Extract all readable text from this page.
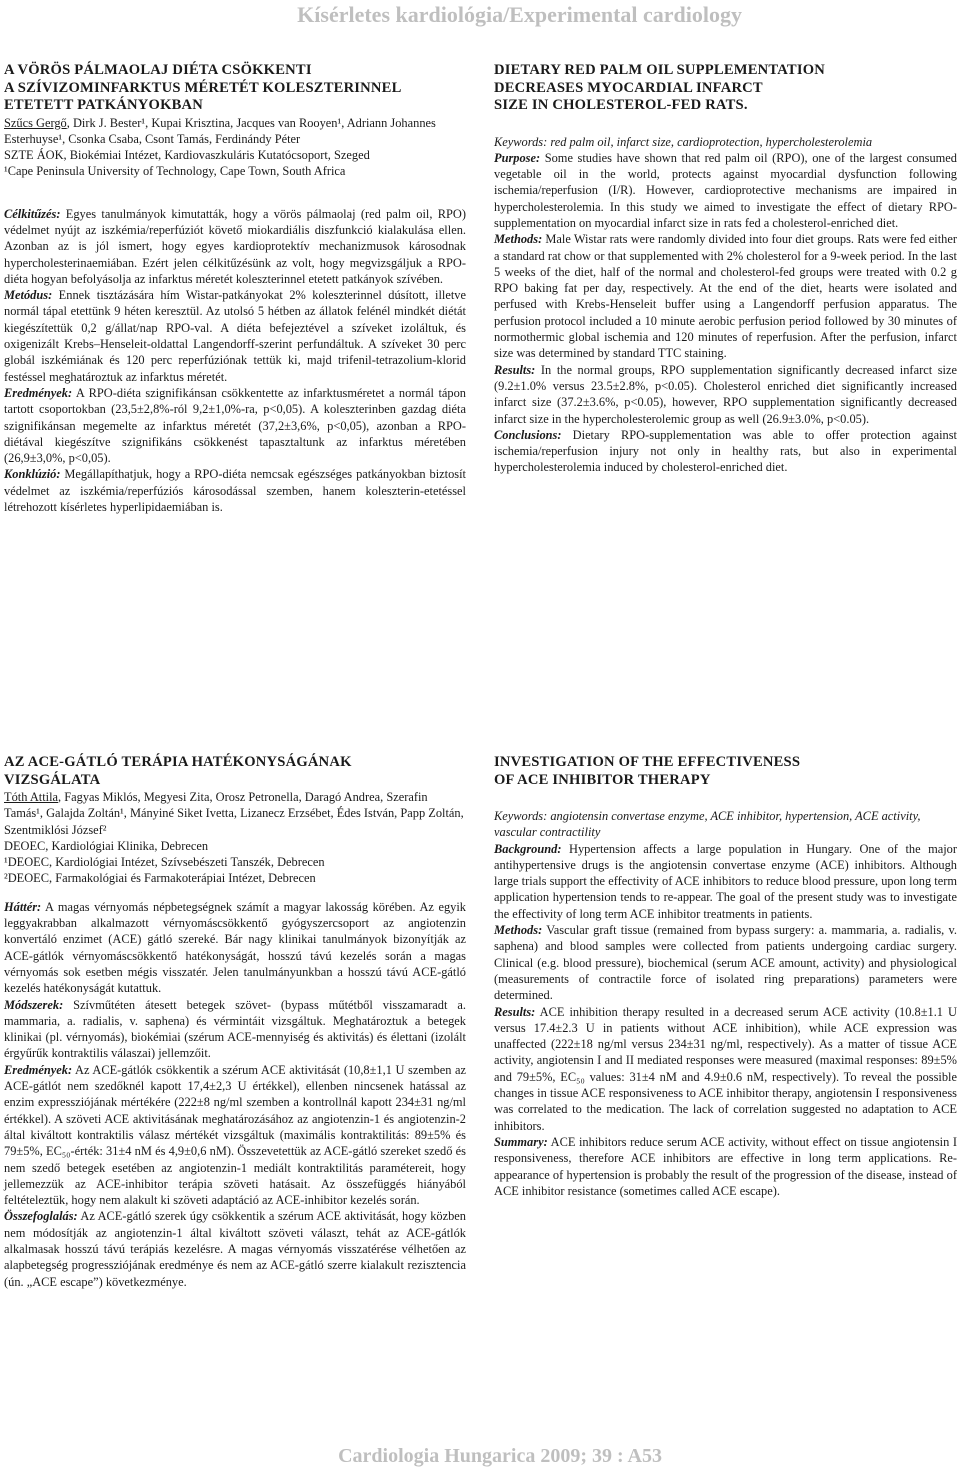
Kísérletes kardiológia/Experimental cardiology
A VÖRÖS PÁLMAOLAJ DIÉTA CSÖKKENTI
A SZÍVIZOMINFARKTUS MÉRETÉT KOLESZTERINNEL
ETETETT PATKÁNYOKBAN

Szűcs Gergő, Dirk J. Bester¹, Kupai Krisztina, Jacques van Rooyen¹, Adriann Johannes Esterhuyse¹, Csonka Csaba, Csont Tamás, Ferdinándy Péter

SZTE ÁOK, Biokémiai Intézet, Kardiovaszkuláris Kutatócsoport, Szeged
¹Cape Peninsula University of Technology, Cape Town, South Africa

Célkitűzés: Egyes tanulmányok kimutatták, hogy a vörös pálmaolaj (red palm oil, RPO) védelmet nyújt az iszkémia/reperfúziót követő miokardiális diszfunkció kialakulása ellen. Azonban az is jól ismert, hogy egyes kardioprotektív mechanizmusok károsodnak hypercholesterinaemiában. Ezért jelen célkitűzésünk az volt, hogy megvizsgáljuk a RPO-diéta hogyan befolyásolja az infarktus méretét koleszterinnel etetett patkányok szívében.

Metódus: Ennek tisztázására hím Wistar-patkányokat 2% koleszterinnel dúsított, illetve normál tápal etettünk 9 héten keresztül. Az utolsó 5 hétben az állatok felénél mindkét diétát kiegészítettük 0,2 g/állat/nap RPO-val. A diéta befejeztével a szíveket izoláltuk, és oxigenizált Krebs–Henseleit-oldattal Langendorff-szerint perfundáltuk. A szíveket 30 perc globál iszkémiának és 120 perc reperfúziónak tettük ki, majd trifenil-tetrazolium-klorid festéssel meghatároztuk az infarktus méretét.

Eredmények: A RPO-diéta szignifikánsan csökkentette az infarktusméretet a normál tápon tartott csoportokban (23,5±2,8%-ról 9,2±1,0%-ra, p<0,05). A koleszterinben gazdag diéta szignifikánsan megemelte az infarktus méretét (37,2±3,6%, p<0,05), azonban a RPO-diétával kiegészítve szignifikáns csökkenést tapasztaltunk az infarktus méretében (26,9±3,0%, p<0,05).

Konklúzió: Megállapíthatjuk, hogy a RPO-diéta nemcsak egészséges patkányokban biztosít védelmet az iszkémia/reperfúziós károsodással szemben, hanem koleszterin-etetéssel létrehozott kísérletes hyperlipidaemiában is.

DIETARY RED PALM OIL SUPPLEMENTATION
DECREASES MYOCARDIAL INFARCT
SIZE IN CHOLESTEROL-FED RATS.

Keywords: red palm oil, infarct size, cardioprotection, hypercholesterolemia

Purpose: Some studies have shown that red palm oil (RPO), one of the largest consumed vegetable oil in the world, protects against myocardial dysfunction following ischemia/reperfusion (I/R). However, cardioprotective mechanisms are impaired in hypercholesterolemia. In this study we aimed to investigate the effect of dietary RPO-supplementation on myocardial infarct size in rats fed a cholesterol-enriched diet.

Methods: Male Wistar rats were randomly divided into four diet groups. Rats were fed either a standard rat chow or that supplemented with 2% cholesterol for a 9-week period. In the last 5 weeks of the diet, half of the normal and cholesterol-fed groups were treated with 0.2 g RPO baking fat per day, respectively. At the end of the diet, hearts were isolated and perfused with Krebs-Henseleit buffer using a Langendorff perfusion apparatus. The perfusion protocol included a 10 minute aerobic perfusion period followed by 30 minutes of normothermic global ischemia and 120 minutes of reperfusion. After the perfusion, infarct size was determined by standard TTC staining.

Results: In the normal groups, RPO supplementation significantly decreased infarct size (9.2±1.0% versus 23.5±2.8%, p<0.05). Cholesterol enriched diet significantly increased infarct size (37.2±3.6%, p<0.05), however, RPO supplementation significantly decreased infarct size in the hypercholesterolemic group as well (26.9±3.0%, p<0.05).

Conclusions: Dietary RPO-supplementation was able to offer protection against ischemia/reperfusion injury not only in healthy rats, but also in experimental hypercholesterolemia induced by cholesterol-enriched diet.

AZ ACE-GÁTLÓ TERÁPIA HATÉKONYSÁGÁNAK
VIZSGÁLATA

Tóth Attila, Fagyas Miklós, Megyesi Zita, Orosz Petronella, Daragó Andrea, Szerafin Tamás¹, Galajda Zoltán¹, Mányiné Siket Ivetta, Lizanecz Erzsébet, Édes István, Papp Zoltán, Szentmiklósi József²

DEOEC, Kardiológiai Klinika, Debrecen
¹DEOEC, Kardiológiai Intézet, Szívsebészeti Tanszék, Debrecen
²DEOEC, Farmakológiai és Farmakoterápiai Intézet, Debrecen

Háttér: A magas vérnyomás népbetegségnek számít a magyar lakosság körében. Az egyik leggyakrabban alkalmazott vérnyomáscsökkentő gyógyszercsoport az angiotenzin konvertáló enzimet (ACE) gátló szereké. Bár nagy klinikai tanulmányok bizonyítják az ACE-gátlók vérnyomáscsökkentő hatékonyságát, hosszú távú kezelés során a magas vérnyomás sok esetben mégis visszatér. Jelen tanulmányunkban a hosszú távú ACE-gátló kezelés hatékonyságát kutattuk.

Módszerek: Szívműtéten átesett betegek szövet- (bypass műtétből visszamaradt a. mammaria, a. radialis, v. saphena) és vérmintáit vizsgáltuk. Meghatároztuk a betegek klinikai (pl. vérnyomás), biokémiai (szérum ACE-mennyiség és aktivitás) és élettani (izolált érgyűrűk kontraktilis válaszai) jellemzőit.

Eredmények: Az ACE-gátlók csökkentik a szérum ACE aktivitását (10,8±1,1 U szemben az ACE-gátlót nem szedőknél kapott 17,4±2,3 U értékkel), ellenben nincsenek hatással az enzim expressziójának mértékére (222±8 ng/ml szemben a kontrollnál kapott 234±31 ng/ml értékkel). A szöveti ACE aktivitásának meghatározásához az angiotenzin-1 és angiotenzin-2 által kiváltott kontraktilis válasz mértékét vizsgáltuk (maximális kontraktilitás: 89±5% és 79±5%, EC₅₀-érték: 31±4 nM és 4,9±0,6 nM). Összevetettük az ACE-gátló szereket szedő és nem szedő betegek esetében az angiotenzin-1 mediált kontraktilitás paramétereit, hogy jellemezzük az ACE-inhibitor terápia szöveti hatásait. Az összefüggés hiányából feltételeztük, hogy nem alakult ki szöveti adaptáció az ACE-inhibitor kezelés során.

Összefoglalás: Az ACE-gátló szerek úgy csökkentik a szérum ACE aktivitását, hogy közben nem módosítják az angiotenzin-1 által kiváltott szöveti választ, tehát az ACE-gátlók alkalmasak hosszú távú terápiás kezelésre. A magas vérnyomás visszatérése vélhetően az alapbetegség progressziójának eredménye és nem az ACE-gátló szerre kialakult rezisztencia (ún. „ACE escape”) következménye.

INVESTIGATION OF THE EFFECTIVENESS
OF ACE INHIBITOR THERAPY

Keywords: angiotensin convertase enzyme, ACE inhibitor, hypertension, ACE activity, vascular contractility

Background: Hypertension affects a large population in Hungary. One of the major antihypertensive drugs is the angiotensin convertase enzyme (ACE) inhibitors. Although large trials support the effectivity of ACE inhibitors to reduce blood pressure, upon long term application hypertension tends to re-appear. The goal of the present study was to investigate the effectivity of long term ACE inhibitor treatments in patients.

Methods: Vascular graft tissue (remained from bypass surgery: a. mammaria, a. radialis, v. saphena) and blood samples were collected from patients undergoing cardiac surgery. Clinical (e.g. blood pressure), biochemical (serum ACE amount, activity) and physiological (measurements of contractile force of isolated ring preparations) parameters were determined.

Results: ACE inhibition therapy resulted in a decreased serum ACE activity (10.8±1.1 U versus 17.4±2.3 U in patients without ACE inhibition), while ACE expression was unaffected (222±18 ng/ml versus 234±31 ng/ml, respectively). As a matter of tissue ACE activity, angiotensin I and II mediated responses were measured (maximal responses: 89±5% and 79±5%, EC₅₀ values: 31±4 nM and 4.9±0.6 nM, respectively). To reveal the possible changes in tissue ACE responsiveness to ACE inhibitor therapy, angiotensin I responsiveness was correlated to the medication. The lack of correlation suggested no adaptation to ACE inhibitors.

Summary: ACE inhibitors reduce serum ACE activity, without effect on tissue angiotensin I responsiveness, therefore ACE inhibitors are effective in long term applications. Re-appearance of hypertension is probably the result of the progression of the disease, instead of ACE inhibitor resistance (sometimes called ACE escape).

Cardiologia Hungarica 2009; 39 : A53
